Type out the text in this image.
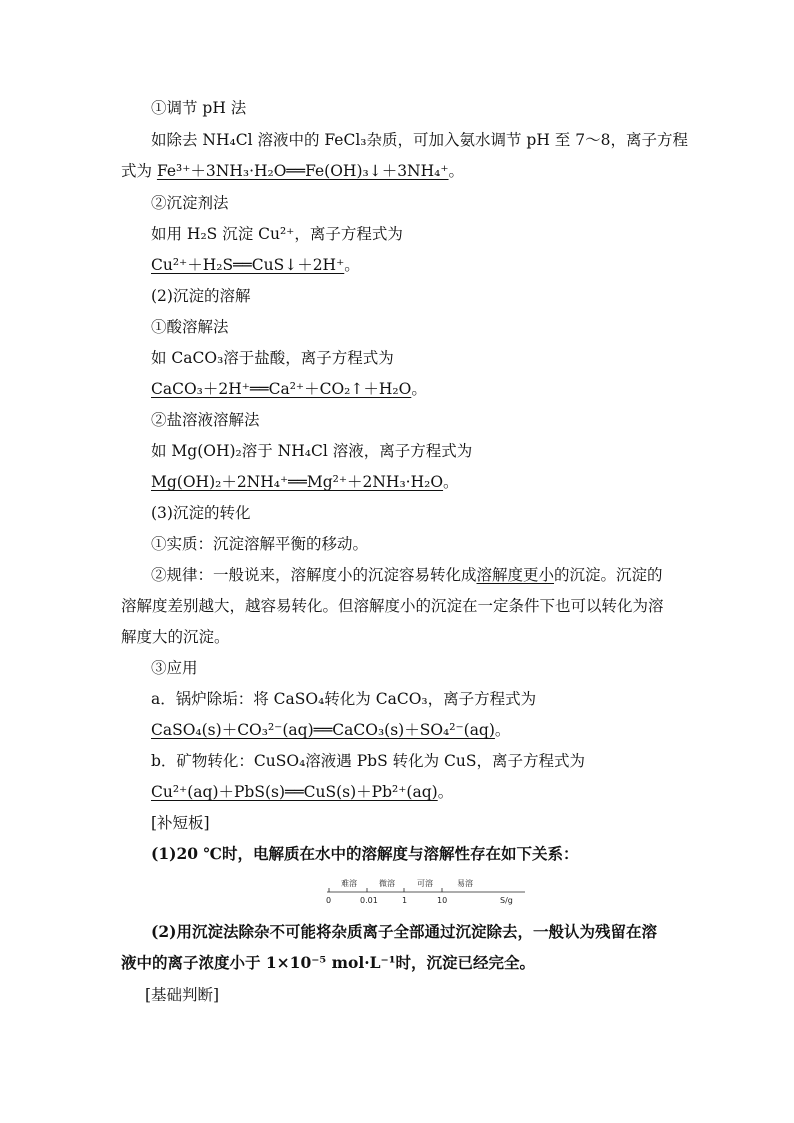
①调节 pH 法
如除去 NH₄Cl 溶液中的 FeCl₃杂质，可加入氨水调节 pH 至 7～8，离子方程
式为 Fe³⁺＋3NH₃·H₂O══Fe(OH)₃↓＋3NH₄⁺。
②沉淀剂法
如用 H₂S 沉淀 Cu²⁺，离子方程式为
Cu²⁺＋H₂S══CuS↓＋2H⁺。
(2)沉淀的溶解
①酸溶解法
如 CaCO₃溶于盐酸，离子方程式为
CaCO₃＋2H⁺══Ca²⁺＋CO₂↑＋H₂O。
②盐溶液溶解法
如 Mg(OH)₂溶于 NH₄Cl 溶液，离子方程式为
Mg(OH)₂＋2NH₄⁺══Mg²⁺＋2NH₃·H₂O。
(3)沉淀的转化
①实质：沉淀溶解平衡的移动。
②规律：一般说来，溶解度小的沉淀容易转化成溶解度更小的沉淀。沉淀的
溶解度差别越大，越容易转化。但溶解度小的沉淀在一定条件下也可以转化为溶
解度大的沉淀。
③应用
a．锅炉除垢：将 CaSO₄转化为 CaCO₃，离子方程式为
CaSO₄(s)＋CO₃²⁻(aq)══CaCO₃(s)＋SO₄²⁻(aq)。
b．矿物转化：CuSO₄溶液遇 PbS 转化为 CuS，离子方程式为
Cu²⁺(aq)＋PbS(s)══CuS(s)＋Pb²⁺(aq)。
[补短板]
(1)20 ℃时，电解质在水中的溶解度与溶解性存在如下关系：
难溶	微溶	可溶	易溶
0	0.01	1	10	S/g
(2)用沉淀法除杂不可能将杂质离子全部通过沉淀除去，一般认为残留在溶
液中的离子浓度小于 1×10⁻⁵ mol·L⁻¹时，沉淀已经完全。
[基础判断]
